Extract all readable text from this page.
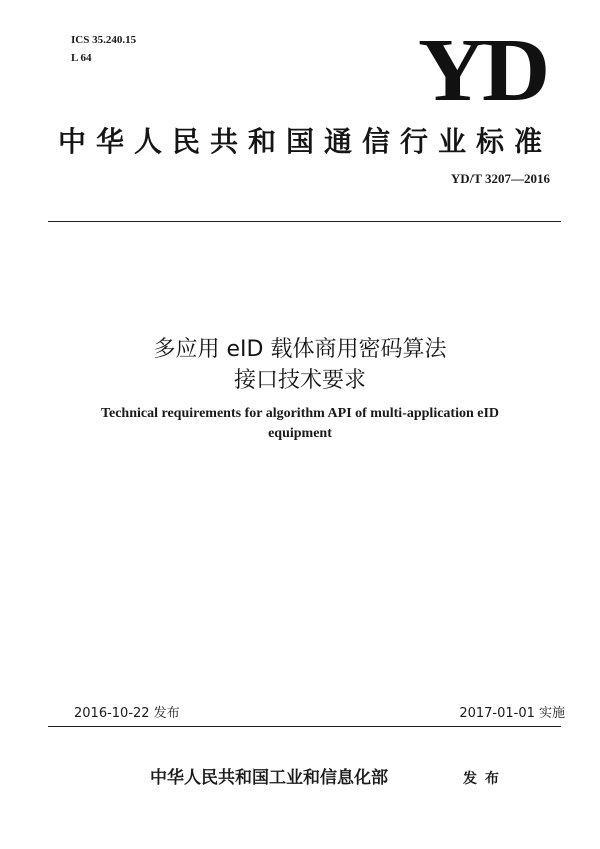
ICS 35.240.15
L 64	YD
中华人民共和国通信行业标准
YD/T 3207—2016
多应用 eID 载体商用密码算法
接口技术要求
Technical requirements for algorithm API of multi-application eID
equipment
2016-10-22 发布	2017-01-01 实施
中华人民共和国工业和信息化部	发布
